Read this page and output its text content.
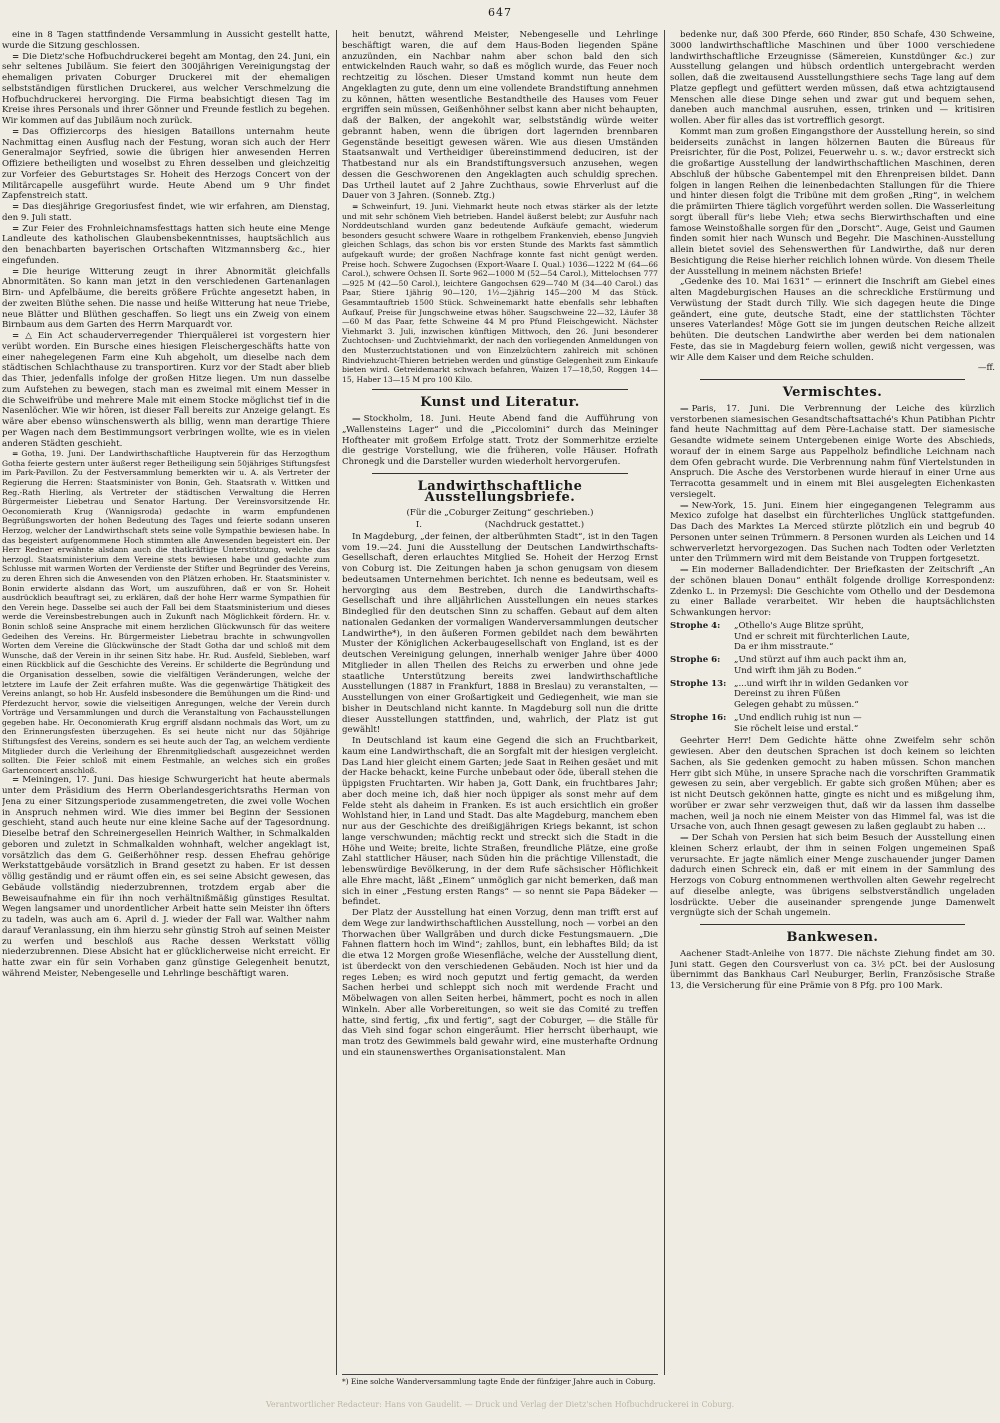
647

eine in 8 Tagen stattfindende Versammlung in Aussicht gestellt hatte, wurde die Sitzung geschlossen.

= Die Dietz'sche Hofbuchdruckerei begeht am Montag, den 24. Juni, ein sehr seltenes Jubiläum. Sie feiert den 300jährigen Vereinigungstag der ehemaligen privaten Coburger Druckerei mit der ehemaligen selbstständigen fürstlichen Druckerei, aus welcher Verschmelzung die Hofbuchdruckerei hervorging. Die Firma beabsichtigt diesen Tag im Kreise ihres Personals und ihrer Gönner und Freunde festlich zu begehen. Wir kommen auf das Jubiläum noch zurück.

= Das Offiziercorps des hiesigen Bataillons unternahm heute Nachmittag einen Ausflug nach der Festung, woran sich auch der Herr Generalmajor Seyfried, sowie die übrigen hier anwesenden Herren Offiziere betheiligten und woselbst zu Ehren desselben und gleichzeitig zur Vorfeier des Geburtstages Sr. Hoheit des Herzogs Concert von der Militärcapelle ausgeführt wurde. Heute Abend um 9 Uhr findet Zapfenstreich statt.

= Das diesjährige Gregoriusfest findet, wie wir erfahren, am Dienstag, den 9. Juli statt.

= Zur Feier des Frohnleichnamsfesttags hatten sich heute eine Menge Landleute des katholischen Glaubensbekenntnisses, hauptsächlich aus den benachbarten bayerischen Ortschaften Witzmannsberg &c., hier eingefunden.

= Die heurige Witterung zeugt in ihrer Abnormität gleichfalls Abnormitäten. So kann man jetzt in den verschiedenen Gartenanlagen Birn- und Apfelbäume, die bereits größere Früchte angesetzt haben, in der zweiten Blüthe sehen. Die nasse und heiße Witterung hat neue Triebe, neue Blätter und Blüthen geschaffen. So liegt uns ein Zweig von einem Birnbaum aus dem Garten des Herrn Marquardt vor.

= △ Ein Act schauderverregender Thierquälerei ist vorgestern hier verübt worden. Ein Bursche eines hiesigen Fleischergeschäfts hatte von einer nahegelegenen Farm eine Kuh abgeholt, um dieselbe nach dem städtischen Schlachthause zu transportiren. Kurz vor der Stadt aber blieb das Thier, jedenfalls infolge der großen Hitze liegen. Um nun dasselbe zum Aufstehen zu bewegen, stach man es zweimal mit einem Messer in die Schweifrübe und mehrere Male mit einem Stocke möglichst tief in die Nasenlöcher. Wie wir hören, ist dieser Fall bereits zur Anzeige gelangt. Es wäre aber ebenso wünschenswerth als billig, wenn man derartige Thiere per Wagen nach dem Bestimmungsort verbringen wollte, wie es in vielen anderen Städten geschieht.

= Gotha, 19. Juni. Der Landwirthschaftliche Hauptverein für das Herzogthum Gotha feierte gestern unter äußerst reger Betheiligung sein 50jähriges Stiftungsfest im Park-Pavillon. Zu der Festversammlung bemerkten wir u. A. als Vertreter der Regierung die Herren: Staatsminister von Bonin, Geh. Staatsrath v. Wittken und Reg.-Rath Hierling, als Vertreter der städtischen Verwaltung die Herren Bürgermeister Liebetrau und Senator Hartung. Der Vereinsvorsitzende Hr. Oeconomierath Krug (Wannigsroda) gedachte in warm empfundenen Begrüßungsworten der hohen Bedeutung des Tages und feierte sodann unseren Herzog, welcher der Landwirthschaft stets seine volle Sympathie bewiesen habe. In das begeistert aufgenommene Hoch stimmten alle Anwesenden begeistert ein. Der Herr Redner erwähnte alsdann auch die thatkräftige Unterstützung, welche das herzogl. Staatsministerium dem Vereine stets bewiesen habe und gedachte zum Schlusse mit warmen Worten der Verdienste der Stifter und Begründer des Vereins, zu deren Ehren sich die Anwesenden von den Plätzen erhoben. Hr. Staatsminister v. Bonin erwiderte alsdann das Wort, um auszuführen, daß er von Sr. Hoheit ausdrücklich beauftragt sei, zu erklären, daß der hohe Herr warme Sympathien für den Verein hege. Dasselbe sei auch der Fall bei dem Staatsministerium und dieses werde die Vereinsbestrebungen auch in Zukunft nach Möglichkeit fördern. Hr. v. Bonin schloß seine Ansprache mit einem herzlichen Glückwunsch für das weitere Gedeihen des Vereins. Hr. Bürgermeister Liebetrau brachte in schwungvollen Worten dem Vereine die Glückwünsche der Stadt Gotha dar und schloß mit dem Wunsche, daß der Verein in ihr seinen Sitz habe. Hr. Rud. Ausfeld, Siebleben, warf einen Rückblick auf die Geschichte des Vereins. Er schilderte die Begründung und die Organisation desselben, sowie die vielfältigen Veränderungen, welche der letztere im Laufe der Zeit erfahren mußte. Was die gegenwärtige Thätigkeit des Vereins anlangt, so hob Hr. Ausfeld insbesondere die Bemühungen um die Rind- und Pferdezucht hervor, sowie die vielseitigen Anregungen, welche der Verein durch Vorträge und Versammlungen und durch die Veranstaltung von Fachausstellungen gegeben habe. Hr. Oeconomierath Krug ergriff alsdann nochmals das Wort, um zu den Erinnerungsfesten überzugehen. Es sei heute nicht nur das 50jährige Stiftungsfest des Vereins, sondern es sei heute auch der Tag, an welchem verdiente Mitglieder durch die Verleihung der Ehrenmitgliedschaft ausgezeichnet werden sollten. Die Feier schloß mit einem Festmahle, an welches sich ein großes Gartenconcert anschloß.

= Meiningen, 17. Juni. Das hiesige Schwurgericht hat heute abermals unter dem Präsidium des Herrn Oberlandesgerichtsraths Herman von Jena zu einer Sitzungsperiode zusammengetreten, die zwei volle Wochen in Anspruch nehmen wird. Wie dies immer bei Beginn der Sessionen geschieht, stand auch heute nur eine kleine Sache auf der Tagesordnung. Dieselbe betraf den Schreinergesellen Heinrich Walther, in Schmalkalden geboren und zuletzt in Schmalkalden wohnhaft, welcher angeklagt ist, vorsätzlich das dem G. Geißerhöhner resp. dessen Ehefrau gehörige Werkstattgebäude vorsätzlich in Brand gesetzt zu haben. Er ist dessen völlig geständig und er räumt offen ein, es sei seine Absicht gewesen, das Gebäude vollständig niederzubrennen, trotzdem ergab aber die Beweisaufnahme ein für ihn noch verhältnißmäßig günstiges Resultat. Wegen langsamer und unordentlicher Arbeit hatte sein Meister ihn öfters zu tadeln, was auch am 6. April d. J. wieder der Fall war. Walther nahm darauf Veranlassung, ein ihm hierzu sehr günstig Stroh auf seinen Meister zu werfen und beschloß aus Rache dessen Werkstatt völlig niederzubrennen. Diese Absicht hat er glücklicherweise nicht erreicht. Er hatte zwar ein für sein Vorhaben ganz günstige Gelegenheit benutzt, während Meister, Nebengeselle und Lehrlinge beschäftigt waren.

heit benutzt, während Meister, Nebengeselle und Lehrlinge beschäftigt waren, die auf dem Haus-Boden liegenden Späne anzuzünden, ein Nachbar nahm aber schon bald den sich entwickelnden Rauch wahr, so daß es möglich wurde, das Feuer noch rechtzeitig zu löschen. Dieser Umstand kommt nun heute dem Angeklagten zu gute, denn um eine vollendete Brandstiftung annehmen zu können, hätten wesentliche Bestandtheile des Hauses vom Feuer ergriffen sein müssen, Geißenhöhner selbst kann aber nicht behaupten, daß der Balken, der angekohlt war, selbstständig würde weiter gebrannt haben, wenn die übrigen dort lagernden brennbaren Gegenstände beseitigt gewesen wären. Wie aus diesen Umständen Staatsanwalt und Vertheidiger übereinstimmend deduciren, ist der Thatbestand nur als ein Brandstiftungsversuch anzusehen, wegen dessen die Geschworenen den Angeklagten auch schuldig sprechen. Das Urtheil lautet auf 2 Jahre Zuchthaus, sowie Ehrverlust auf die Dauer von 3 Jahren. (Sonneb. Ztg.)

= Schweinfurt, 19. Juni. Viehmarkt heute noch etwas stärker als der letzte und mit sehr schönem Vieh betrieben. Handel äußerst belebt; zur Ausfuhr nach Norddeutschland wurden ganz bedeutende Aufkäufe gemacht, wiederum besonders gesucht schwere Waare in rothgelbem Frankenvieh, ebenso Jungvieh gleichen Schlags, das schon bis vor ersten Stunde des Markts fast sämmtlich aufgekauft wurde; der großen Nachfrage konnte fast nicht genügt werden. Preise hoch. Schwere Zugochsen (Export-Waare I. Qual.) 1036—1222 M (64—66 Carol.), schwere Ochsen II. Sorte 962—1000 M (52—54 Carol.), Mittelochsen 777—925 M (42—50 Carol.), leichtere Gangochsen 629—740 M (34—40 Carol.) das Paar, Stiere 1jährig 90—120, 1½—2jährig 145—200 M das Stück. Gesammtauftrieb 1500 Stück. Schweinemarkt hatte ebenfalls sehr lebhaften Aufkauf, Preise für Jungschweine etwas höher. Saugschweine 22—32, Läufer 38—60 M das Paar, fette Schweine 44 M pro Pfund Fleischgewicht. Nächster Viehmarkt 3. Juli, inzwischen künftigen Mittwoch, den 26. Juni besonderer Zuchtochsen- und Zuchtviehmarkt, der nach den vorliegenden Anmeldungen von den Musterzuchtstationen und von Einzelzüchtern zahlreich mit schönen Rindviehzucht-Thieren betrieben werden und günstige Gelegenheit zum Einkaufe bieten wird. Getreidemarkt schwach befahren, Waizen 17—18,50, Roggen 14—15, Haber 13—15 M pro 100 Kilo.

Kunst und Literatur.

— Stockholm, 18. Juni. Heute Abend fand die Aufführung von „Wallensteins Lager“ und die „Piccolomini“ durch das Meininger Hoftheater mit großem Erfolge statt. Trotz der Sommerhitze erzielte die gestrige Vorstellung, wie die früheren, volle Häuser. Hofrath Chronegk und die Darsteller wurden wiederholt hervorgerufen.

Landwirthschaftliche Ausstellungsbriefe.
(Für die „Coburger Zeitung“ geschrieben.)
I.	(Nachdruck gestattet.)

In Magdeburg, „der feinen, der altberühmten Stadt“, ist in den Tagen vom 19.—24. Juni die Ausstellung der Deutschen Landwirthschafts-Gesellschaft, deren erlauchtes Mitglied Se. Hoheit der Herzog Ernst von Coburg ist. Die Zeitungen haben ja schon genugsam von diesem bedeutsamen Unternehmen berichtet. Ich nenne es bedeutsam, weil es hervorging aus dem Bestreben, durch die Landwirthschafts-Gesellschaft und ihre alljährlichen Ausstellungen ein neues starkes Bindeglied für den deutschen Sinn zu schaffen. Gebaut auf dem alten nationalen Gedanken der vormaligen Wanderversammlungen deutscher Landwirthe*), in den äußeren Formen gebildet nach dem bewährten Muster der Königlichen Ackerbaugesellschaft von England, ist es der deutschen Vereinigung gelungen, innerhalb weniger Jahre über 4000 Mitglieder in allen Theilen des Reichs zu erwerben und ohne jede staatliche Unterstützung bereits zwei landwirthschaftliche Ausstellungen (1887 in Frankfurt, 1888 in Breslau) zu veranstalten, — Ausstellungen von einer Großartigkeit und Gediegenheit, wie man sie bisher in Deutschland nicht kannte. In Magdeburg soll nun die dritte dieser Ausstellungen stattfinden, und, wahrlich, der Platz ist gut gewählt!

In Deutschland ist kaum eine Gegend die sich an Fruchtbarkeit, kaum eine Landwirthschaft, die an Sorgfalt mit der hiesigen vergleicht. Das Land hier gleicht einem Garten; jede Saat in Reihen gesäet und mit der Hacke behackt, keine Furche unbebaut oder öde, überall stehen die üppigsten Fruchtarten. Wir haben ja, Gott Dank, ein fruchtbares Jahr; aber doch meine ich, daß hier noch üppiger als sonst mehr auf dem Felde steht als daheim in Franken. Es ist auch ersichtlich ein großer Wohlstand hier, in Land und Stadt. Das alte Magdeburg, manchem eben nur aus der Geschichte des dreißigjährigen Kriegs bekannt, ist schon lange verschwunden; mächtig reckt und streckt sich die Stadt in die Höhe und Weite; breite, lichte Straßen, freundliche Plätze, eine große Zahl stattlicher Häuser, nach Süden hin die prächtige Villenstadt, die lebenswürdige Bevölkerung, in der dem Rufe sächsischer Höflichkeit alle Ehre macht, läßt „Einem“ unmöglich gar nicht bemerken, daß man sich in einer „Festung ersten Rangs“ — so nennt sie Papa Bädeker — befindet.

Der Platz der Ausstellung hat einen Vorzug, denn man trifft erst auf dem Wege zur landwirthschaftlichen Ausstellung, noch — vorbei an den Thorwachen über Wallgräben und durch dicke Festungsmauern. „Die Fahnen flattern hoch im Wind“; zahllos, bunt, ein lebhaftes Bild; da ist die etwa 12 Morgen große Wiesenfläche, welche der Ausstellung dient, ist überdeckt von den verschiedenen Gebäuden. Noch ist hier und da reges Leben; es wird noch geputzt und fertig gemacht, da werden Sachen herbei und schleppt sich noch mit werdende Fracht und Möbelwagen von allen Seiten herbei, hämmert, pocht es noch in allen Winkeln. Aber alle Vorbereitungen, so weit sie das Comité zu treffen hatte, sind fertig, „fix und fertig“, sagt der Coburger, — die Ställe für das Vieh sind fogar schon eingeräumt. Hier herrscht überhaupt, wie man trotz des Gewimmels bald gewahr wird, eine musterhafte Ordnung und ein staunenswerthes Organisationstalent. Man

bedenke nur, daß 300 Pferde, 660 Rinder, 850 Schafe, 430 Schweine, 3000 landwirthschaftliche Maschinen und über 1000 verschiedene landwirthschaftliche Erzeugnisse (Sämereien, Kunstdünger &c.) zur Ausstellung gelangen und hübsch ordentlich untergebracht werden sollen, daß die zweitausend Ausstellungsthiere sechs Tage lang auf dem Platze gepflegt und gefüttert werden müssen, daß etwa achtzigtausend Menschen alle diese Dinge sehen und zwar gut und bequem sehen, daneben auch manchmal ausruhen, essen, trinken und — kritisiren wollen. Aber für alles das ist vortrefflich gesorgt.

Kommt man zum großen Eingangsthore der Ausstellung herein, so sind beiderseits zunächst in langen hölzernen Bauten die Büreaus für Preisrichter, für die Post, Polizei, Feuerwehr u. s. w.; davor erstreckt sich die großartige Ausstellung der landwirthschaftlichen Maschinen, deren Abschluß der hübsche Gabentempel mit den Ehrenpreisen bildet. Dann folgen in langen Reihen die leinenbedachten Stallungen für die Thiere und hinter diesen folgt die Tribüne mit dem großen „Ring“, in welchem die prämiirten Thiere täglich vorgeführt werden sollen. Die Wasserleitung sorgt überall für's liebe Vieh; etwa sechs Bierwirthschaften und eine famose Weinstoßhalle sorgen für den „Dorscht“. Auge, Geist und Gaumen finden somit hier nach Wunsch und Begehr. Die Maschinen-Ausstellung allein bietet soviel des Sehenswerthen für Landwirthe, daß nur deren Besichtigung die Reise hierher reichlich lohnen würde. Von diesem Theile der Ausstellung in meinem nächsten Briefe!

„Gedenke des 10. Mai 1631“ — erinnert die Inschrift am Giebel eines alten Magdeburgischen Hauses an die schreckliche Erstürmung und Verwüstung der Stadt durch Tilly. Wie sich dagegen heute die Dinge geändert, eine gute, deutsche Stadt, eine der stattlichsten Töchter unseres Vaterlandes! Möge Gott sie im jungen deutschen Reiche allzeit behüten. Die deutschen Landwirthe aber werden bei dem nationalen Feste, das sie in Magdeburg feiern wollen, gewiß nicht vergessen, was wir Alle dem Kaiser und dem Reiche schulden.

—ff.
Vermischtes.

— Paris, 17. Juni. Die Verbrennung der Leiche des kürzlich verstorbenen siamesischen Gesandtschaftsattaché's Khun Patibhan Pichtr fand heute Nachmittag auf dem Père-Lachaise statt. Der siamesische Gesandte widmete seinem Untergebenen einige Worte des Abschieds, worauf der in einem Sarge aus Pappelholz befindliche Leichnam nach dem Ofen gebracht wurde. Die Verbrennung nahm fünf Viertelstunden in Anspruch. Die Asche des Verstorbenen wurde hierauf in einer Urne aus Terracotta gesammelt und in einem mit Blei ausgelegten Eichenkasten versiegelt.

— New-York, 15. Juni. Einem hier eingegangenen Telegramm aus Mexico zufolge hat daselbst ein fürchterliches Unglück stattgefunden. Das Dach des Marktes La Merced stürzte plötzlich ein und begrub 40 Personen unter seinen Trümmern. 8 Personen wurden als Leichen und 14 schwerverletzt hervorgezogen. Das Suchen nach Todten oder Verletzten unter den Trümmern wird mit dem Beistande von Truppen fortgesetzt.

— Ein moderner Balladendichter. Der Briefkasten der Zeitschrift „An der schönen blauen Donau“ enthält folgende drollige Korrespondenz: Zdenko L. in Przemysl: Die Geschichte vom Othello und der Desdemona zu einer Ballade verarbeitet. Wir heben die hauptsächlichsten Schwankungen hervor:

Strophe 4:	„Othello's Auge Blitze sprüht,
Und er schreit mit fürchterlichen Laute,
Da er ihm misstraute.“
Strophe 6:	„Und stürzt auf ihm auch packt ihm an,
Und wirft ihm jäh zu Boden.“
Strophe 13: „...und wirft ihr in wilden Gedanken vor
Dereinst zu ihren Füßen
Gelegen gehabt zu müssen.“
Strophe 16: „Und endlich ruhig ist nun —
Sie röchelt leise und erstal.“

Geehrter Herr! Dem Gedichte hätte ohne Zweifelm sehr schön gewiesen. Aber den deutschen Sprachen ist doch keinem so leichten Sachen, als Sie gedenken gemocht zu haben müssen. Schon manchen Herr gibt sich Mühe, in unsere Sprache nach die vorschriften Grammatik gewesen zu sein, aber vergeblich. Er gabte sich großen Mühen; aber es ist nicht Deutsch gekönnen hatte, gingte es nicht und es mißgelung ihm, worüber er zwar sehr verzweigen thut, daß wir da lassen ihm dasselbe machen, weil ja noch nie einem Meister von das Himmel fal, was ist die Ursache von, auch Ihnen gesagt gewesen zu laßen geglaubt zu haben ...

— Der Schah von Persien hat sich beim Besuch der Ausstellung einen kleinen Scherz erlaubt, der ihm in seinen Folgen ungemeinen Spaß verursachte. Er jagte nämlich einer Menge zuschauender junger Damen dadurch einen Schreck ein, daß er mit einem in der Sammlung des Herzogs von Coburg entnommenen werthvollen alten Gewehr regelrecht auf dieselbe anlegte, was übrigens selbstverständlich ungeladen losdrückte. Ueber die auseinander sprengende junge Damenwelt vergnügte sich der Schah ungemein.

Bankwesen.

Aachener Stadt-Anleihe von 1877. Die nächste Ziehung findet am 30. Juni statt. Gegen den Coursverlust von ca. 3½ pCt. bei der Auslosung übernimmt das Bankhaus Carl Neuburger, Berlin, Französische Straße 13, die Versicherung für eine Prämie von 8 Pfg. pro 100 Mark.

*) Eine solche Wanderversammlung tagte Ende der fünfziger Jahre auch in Coburg.
Verantwortlicher Redacteur: Hans von Gaudelit. — Druck und Verlag der Dietz'schen Hofbuchdruckerei in Coburg.
